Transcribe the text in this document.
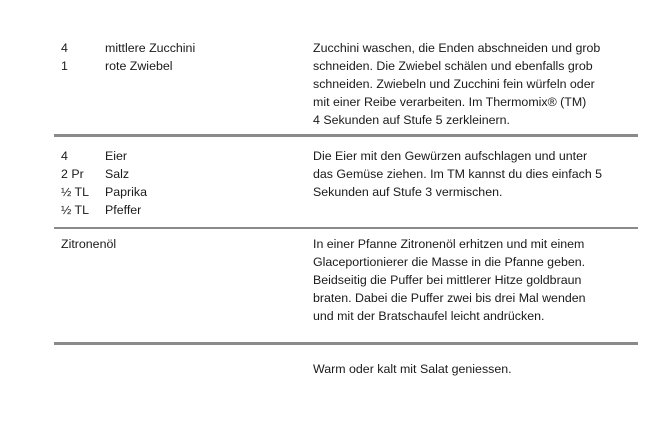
4
1
mittlere Zucchini
rote Zwiebel
Zucchini waschen, die Enden abschneiden und grob
schneiden. Die Zwiebel schälen und ebenfalls grob
schneiden. Zwiebeln und Zucchini fein würfeln oder
mit einer Reibe verarbeiten. Im Thermomix® (TM)
4 Sekunden auf Stufe 5 zerkleinern.
4
2 Pr
½ TL
½ TL
Eier
Salz
Paprika
Pfeffer
Die Eier mit den Gewürzen aufschlagen und unter
das Gemüse ziehen. Im TM kannst du dies einfach 5
Sekunden auf Stufe 3 vermischen.
Zitronenöl	In einer Pfanne Zitronenöl erhitzen und mit einem
Glaceportionierer die Masse in die Pfanne geben.
Beidseitig die Puffer bei mittlerer Hitze goldbraun
braten. Dabei die Puffer zwei bis drei Mal wenden
und mit der Bratschaufel leicht andrücken.
Warm oder kalt mit Salat geniessen.
